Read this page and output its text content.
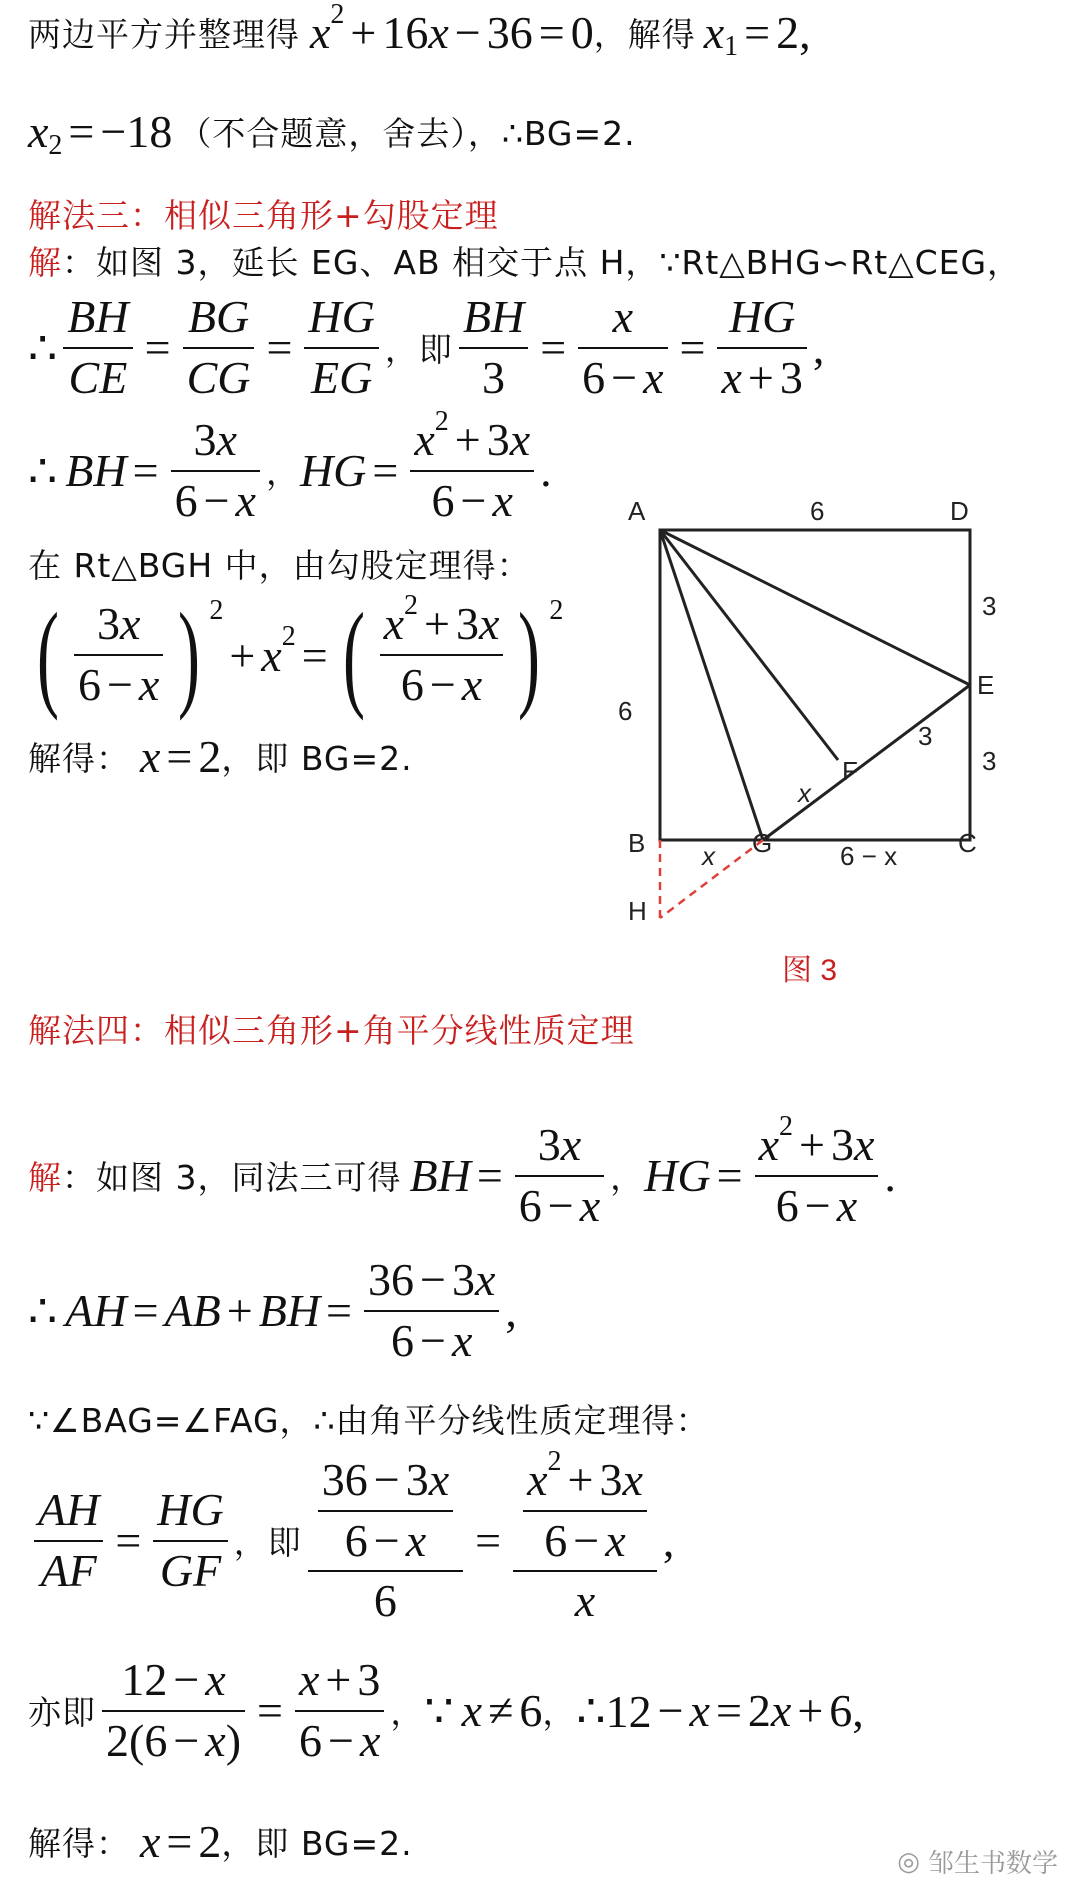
两边平方并整理得 x 2 + 16 x − 36 = 0 ，解得 x 1 = 2,
x 2 = −18 （不合题意，舍去），∴BG=2.
解法三：相似三角形+勾股定理
解 ：如图 3，延长 EG、AB 相交于点 H，∵Rt△BHG∽Rt△CEG，
∴ $\frac{BH}{CE} = \frac{BG}{CG} = \frac{HG}{EG}$ ，即 $\frac{BH}{3} = \frac{x}{6 - x} = \frac{HG}{x + 3}$ ,
∴ BH = $\frac{3 x}{6 - x}$ ， HG = $\frac{x 2 + 3 x}{6 - x}$ .
在 Rt△BGH 中，由勾股定理得：
( $\frac{3 x}{6 - x}$ ) 2
+ x 2 = ( $\frac{x 2 + 3 x}{6 - x}$ ) 2
解得： x = 2 ，即 BG=2.
A	D
B	C
E
F
G
H
6
6
3
3
3
x
x	6 − x
图 3
解法四：相似三角形+角平分线性质定理
解 ：如图 3，同法三可得 BH = $\frac{3 x}{6 - x}$ ， HG = $\frac{x 2 + 3 x}{6 - x}$ .
∴ AH = AB + BH = $\frac{36 - 3 x}{6 - x}$ ,
∵∠BAG=∠FAG，∴由角平分线性质定理得：
$\frac{AH}{AF} = \frac{HG}{GF}$ ，即 $\frac{\frac{36 - 3 x}{6 - x}}{6} = \frac{\frac{x 2 + 3 x}{6 - x}}{x}$ ,
亦即 $\frac{12 - x}{2(6 - x )} = \frac{x + 3}{6 - x}$ ， ∵ x ≠ 6 ， ∴12 − x = 2 x + 6,
解得： x = 2 ，即 BG=2.	◎ 邹生书数学
